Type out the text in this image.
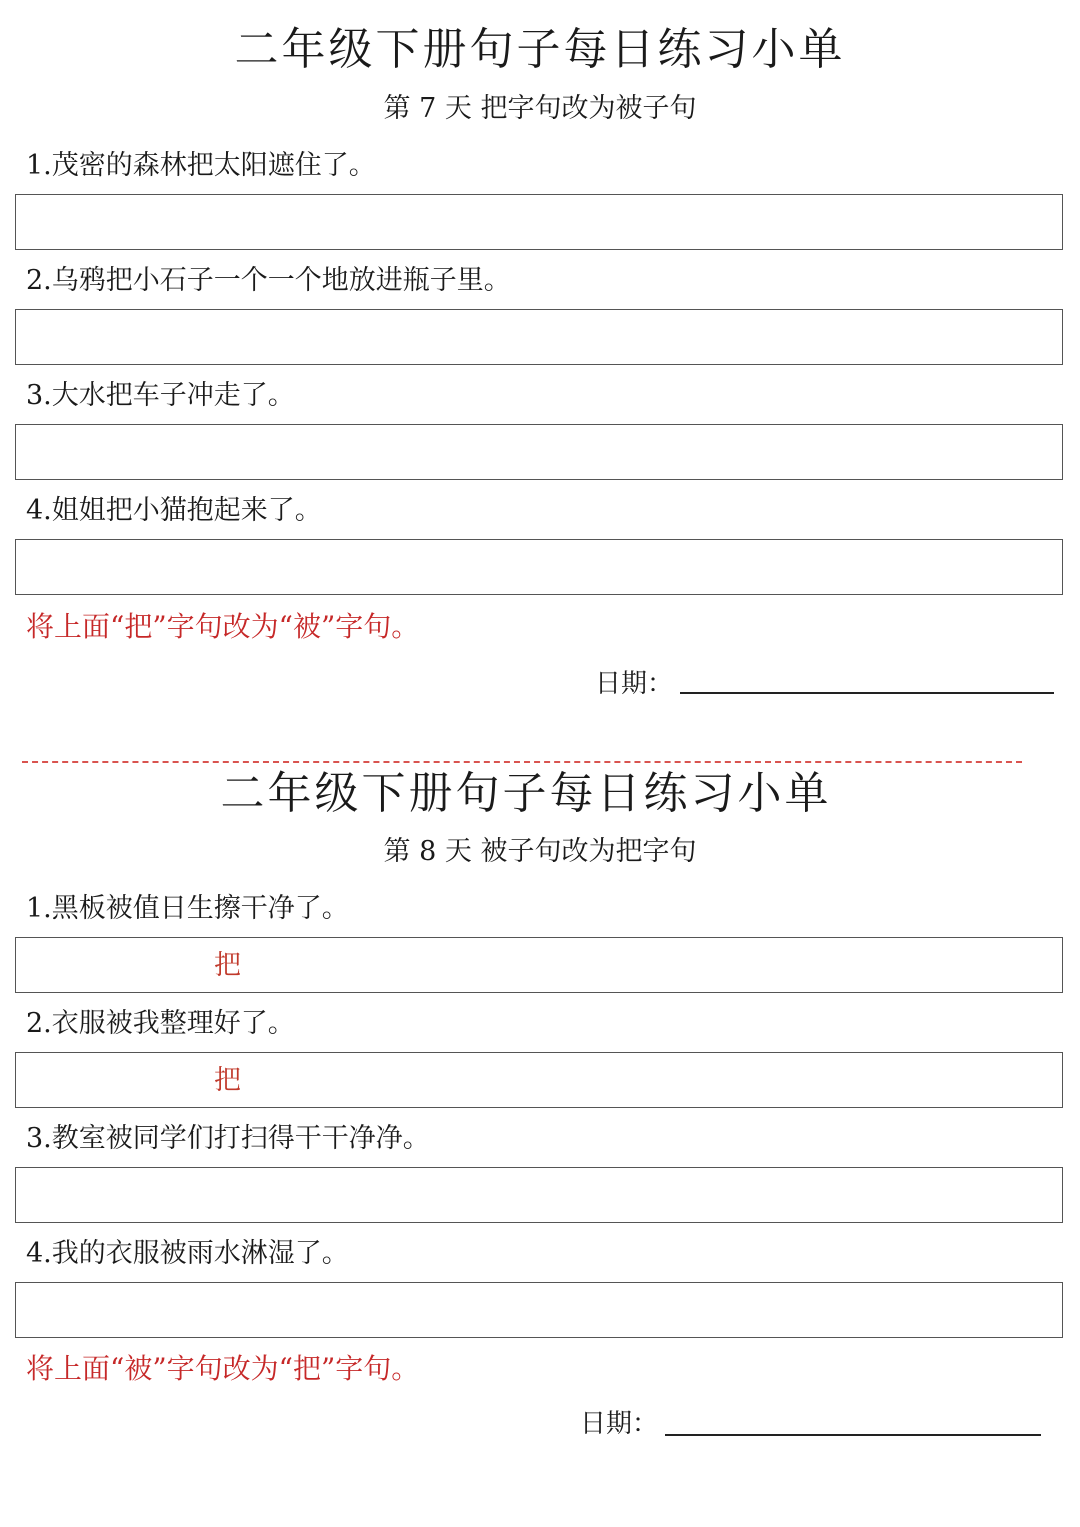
二年级下册句子每日练习小单
第 7 天 把字句改为被子句
1.茂密的森林把太阳遮住了。
2.乌鸦把小石子一个一个地放进瓶子里。
3.大水把车子冲走了。
4.姐姐把小猫抱起来了。
将上面“把”字句改为“被”字句。
日期：
二年级下册句子每日练习小单
第 8 天 被子句改为把字句
1.黑板被值日生擦干净了。
把
2.衣服被我整理好了。
把
3.教室被同学们打扫得干干净净。
4.我的衣服被雨水淋湿了。
将上面“被”字句改为“把”字句。
日期：
